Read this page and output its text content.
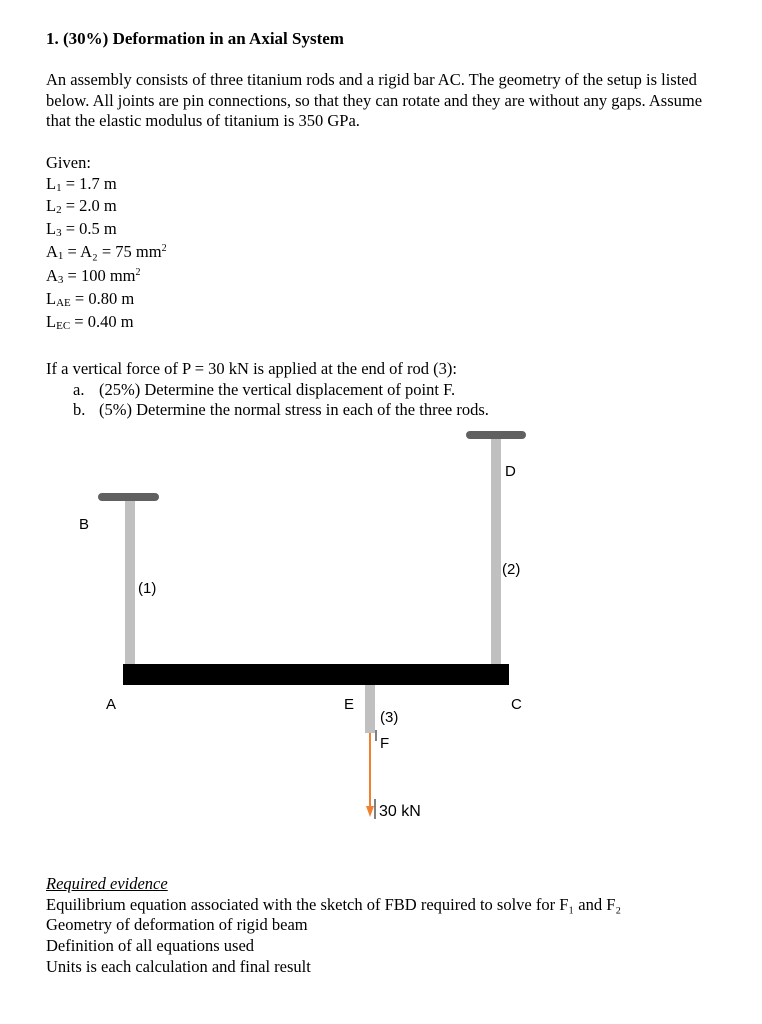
1. (30%) Deformation in an Axial System
An assembly consists of three titanium rods and a rigid bar AC. The geometry of the setup is listed below. All joints are pin connections, so that they can rotate and they are without any gaps. Assume that the elastic modulus of titanium is 350 GPa.
Given:
$L_1 = 1.7$ m
$L_2 = 2.0$ m
$L_3 = 0.5$ m
$A_1 = A_2 = 75$ $mm^2$
$A_3 = 100$ $mm^2$
$L_{AE} = 0.80$ m
$L_{EC} = 0.40$ m
If a vertical force of P = 30 kN is applied at the end of rod (3):
a. (25%) Determine the vertical displacement of point F.
b. (5%) Determine the normal stress in each of the three rods.
B
D
A	E	C
F
(1)
(2)
(3)
30 kN
Required evidence
Equilibrium equation associated with the sketch of FBD required to solve for F₁ and F₂
Geometry of deformation of rigid beam
Definition of all equations used
Units is each calculation and final result
